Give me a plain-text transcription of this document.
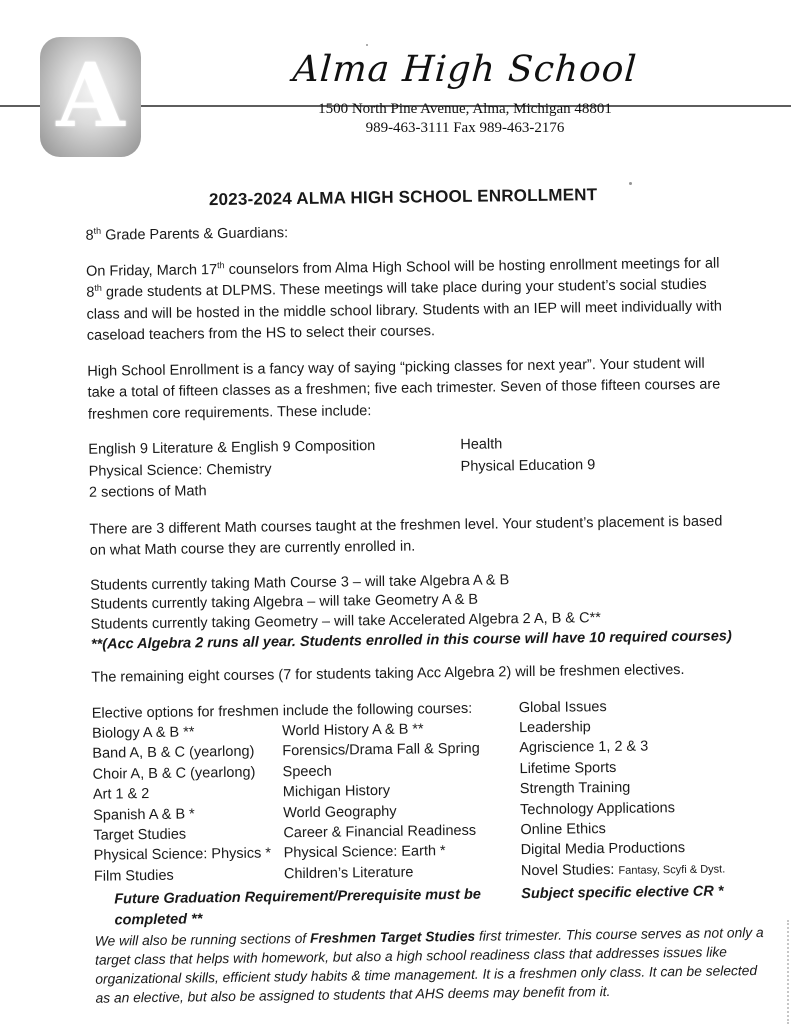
A	Alma High School
1500 North Pine Avenue, Alma, Michigan 48801
989-463-3111 Fax 989-463-2176
2023-2024 ALMA HIGH SCHOOL ENROLLMENT

8th Grade Parents & Guardians:

On Friday, March 17th counselors from Alma High School will be hosting enrollment meetings for all 8th grade students at DLPMS. These meetings will take place during your student’s social studies class and will be hosted in the middle school library. Students with an IEP will meet individually with caseload teachers from the HS to select their courses.

High School Enrollment is a fancy way of saying “picking classes for next year”. Your student will take a total of fifteen classes as a freshmen; five each trimester. Seven of those fifteen courses are freshmen core requirements. These include:

English 9 Literature & English 9 Composition
Physical Science: Chemistry
2 sections of Math
Health
Physical Education 9

There are 3 different Math courses taught at the freshmen level. Your student’s placement is based on what Math course they are currently enrolled in.

Students currently taking Math Course 3 – will take Algebra A & B
Students currently taking Algebra – will take Geometry A & B
Students currently taking Geometry – will take Accelerated Algebra 2 A, B & C**
**(Acc Algebra 2 runs all year. Students enrolled in this course will have 10 required courses)

The remaining eight courses (7 for students taking Acc Algebra 2) will be freshmen electives.

Elective options for freshmen include the following courses:	Global Issues
Biology A & B **	World History A & B **	Leadership
Band A, B & C (yearlong)	Forensics/Drama Fall & Spring	Agriscience 1, 2 & 3
Choir A, B & C (yearlong)	Speech	Lifetime Sports
Art 1 & 2	Michigan History	Strength Training
Spanish A & B *	World Geography	Technology Applications
Target Studies	Career & Financial Readiness	Online Ethics
Physical Science: Physics * Physical Science: Earth *	Digital Media Productions
Film Studies	Children’s Literature	Novel Studies: Fantasy, Scyfi & Dyst.
Future Graduation Requirement/Prerequisite must be completed **
Subject specific elective CR *

We will also be running sections of Freshmen Target Studies first trimester. This course serves as not only a target class that helps with homework, but also a high school readiness class that addresses issues like organizational skills, efficient study habits & time management. It is a freshmen only class. It can be selected as an elective, but also be assigned to students that AHS deems may benefit from it.
